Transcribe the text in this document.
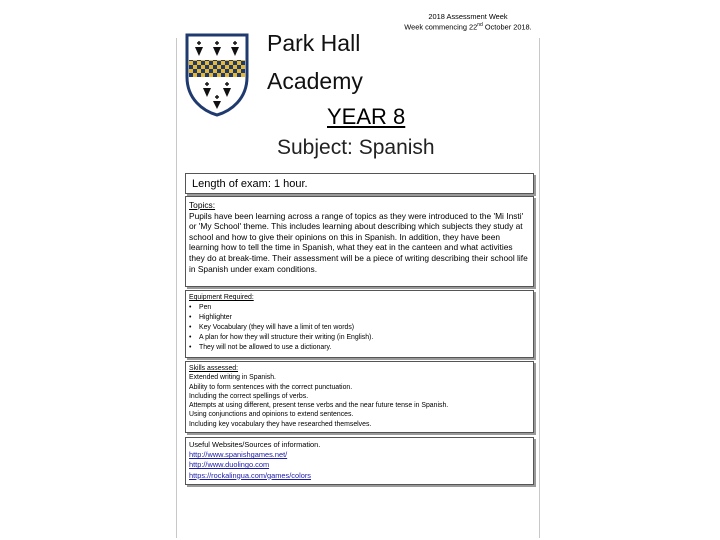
2018 Assessment Week
Week commencing 22nd October 2018.
Park Hall
Academy
YEAR 8
Subject: Spanish
Length of exam: 1 hour.
Topics:
Pupils have been learning across a range of topics as they were introduced to the 'Mi Insti' or 'My School' theme. This includes learning about describing which subjects they study at school and how to give their opinions on this in Spanish. In addition, they have been learning how to tell the time in Spanish, what they eat in the canteen and what activities they do at break-time. Their assessment will be a piece of writing describing their school life in Spanish under exam conditions.
Equipment Required:
• Pen
• Highlighter
• Key Vocabulary (they will have a limit of ten words)
• A plan for how they will structure their writing (in English).
• They will not be allowed to use a dictionary.
Skills assessed:
Extended writing in Spanish.
Ability to form sentences with the correct punctuation.
Including the correct spellings of verbs.
Attempts at using different, present tense verbs and the near future tense in Spanish.
Using conjunctions and opinions to extend sentences.
Including key vocabulary they have researched themselves.
Useful Websites/Sources of information.
http://www.spanishgames.net/
http://www.duolingo.com
https://rockalingua.com/games/colors
